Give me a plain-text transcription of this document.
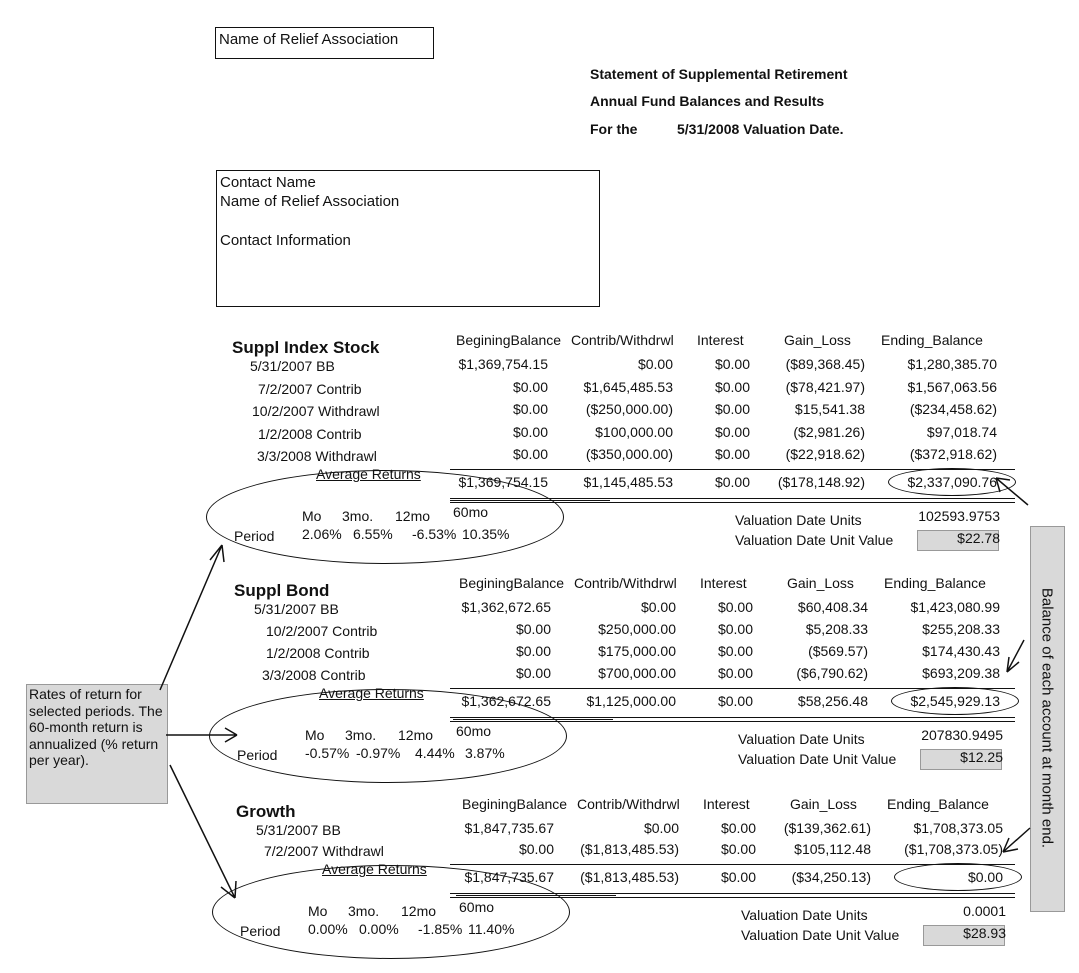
Name of Relief Association
Statement of Supplemental Retirement
Annual Fund Balances and Results
For the	5/31/2008 Valuation Date.
Contact Name
Name of Relief Association
Contact Information
Suppl Index Stock	BeginingBalance Contrib/Withdrwl Interest	Gain_Loss Ending_Balance
5/31/2007 BB	$1,369,754.15	$0.00	$0.00	($89,368.45)	$1,280,385.70
7/2/2007 Contrib	$0.00	$1,645,485.53	$0.00	($78,421.97)	$1,567,063.56
10/2/2007 Withdrawl	$0.00	($250,000.00)	$0.00	$15,541.38	($234,458.62)
1/2/2008 Contrib	$0.00	$100,000.00	$0.00	($2,981.26)	$97,018.74
3/3/2008 Withdrawl	$0.00	($350,000.00)	$0.00	($22,918.62)	($372,918.62)
Average Returns	$1,369,754.15	$1,145,485.53	$0.00	($178,148.92)	$2,337,090.76
Mo 3mo. 12mo 60mo
Period 2.06% 6.55% -6.53% 10.35%
Valuation Date Units	102593.9753
Valuation Date Unit Value	$22.78
Suppl Bond	BeginingBalance Contrib/Withdrwl Interest	Gain_Loss Ending_Balance
5/31/2007 BB	$1,362,672.65	$0.00	$0.00	$60,408.34	$1,423,080.99
10/2/2007 Contrib	$0.00	$250,000.00	$0.00	$5,208.33	$255,208.33
1/2/2008 Contrib	$0.00	$175,000.00	$0.00	($569.57)	$174,430.43
3/3/2008 Contrib	$0.00	$700,000.00	$0.00	($6,790.62)	$693,209.38
Average Returns	$1,362,672.65	$1,125,000.00	$0.00	$58,256.48	$2,545,929.13
Mo 3mo. 12mo 60mo
Period -0.57% -0.97% 4.44% 3.87%
Valuation Date Units	207830.9495
Valuation Date Unit Value	$12.25
Growth	BeginingBalance Contrib/Withdrwl Interest	Gain_Loss Ending_Balance
5/31/2007 BB	$1,847,735.67	$0.00	$0.00	($139,362.61)	$1,708,373.05
7/2/2007 Withdrawl	$0.00	($1,813,485.53)	$0.00	$105,112.48	($1,708,373.05)
Average Returns	$1,847,735.67	($1,813,485.53)	$0.00	($34,250.13)	$0.00
Mo 3mo. 12mo 60mo
Period 0.00% 0.00% -1.85% 11.40%
Valuation Date Units	0.0001
Valuation Date Unit Value	$28.93
Rates of return for selected periods. The 60-month return is annualized (% return per year).	Balance of each account at month end.
